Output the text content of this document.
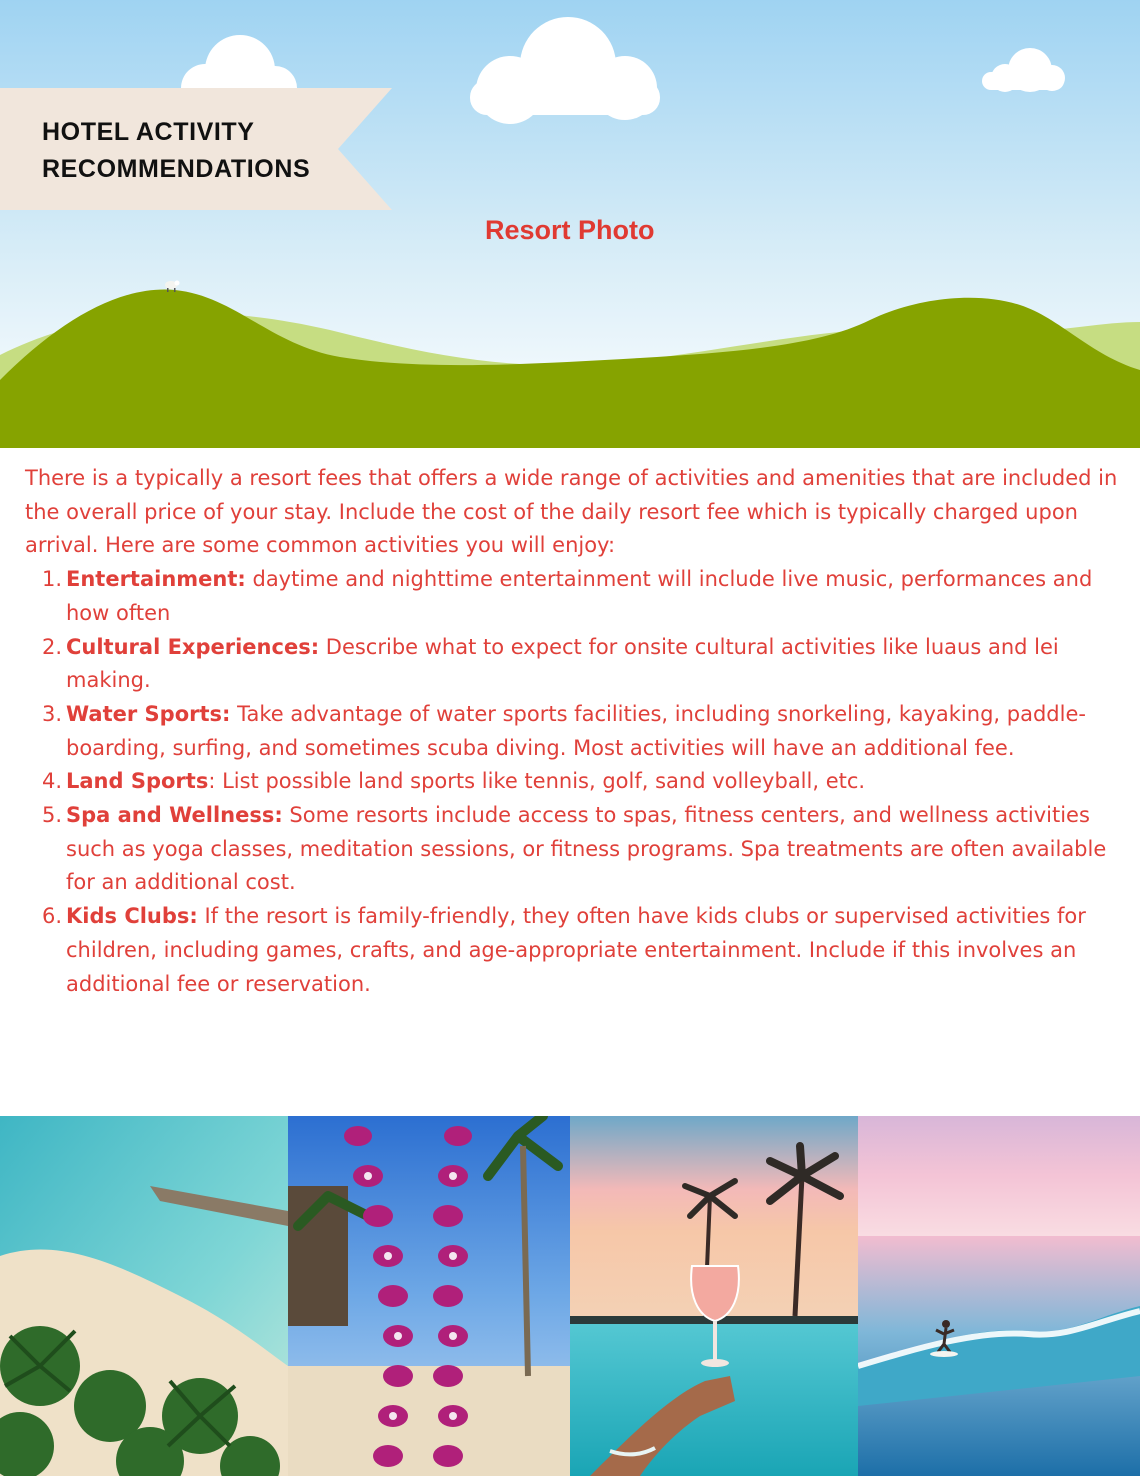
HOTEL ACTIVITY
RECOMMENDATIONS
Resort Photo

There is a typically a resort fees that offers a wide range of activities and amenities that are included in the overall price of your stay. Include the cost of the daily resort fee which is typically charged upon arrival. Here are some common activities you will enjoy:

1. Entertainment: daytime and nighttime entertainment will include live music, performances and how often
2. Cultural Experiences: Describe what to expect for onsite cultural activities like luaus and lei making.
3. Water Sports: Take advantage of water sports facilities, including snorkeling, kayaking, paddle-boarding, surfing, and sometimes scuba diving. Most activities will have an additional fee.
4. Land Sports: List possible land sports like tennis, golf, sand volleyball, etc.
5. Spa and Wellness: Some resorts include access to spas, fitness centers, and wellness activities such as yoga classes, meditation sessions, or fitness programs. Spa treatments are often available for an additional cost.
6. Kids Clubs: If the resort is family-friendly, they often have kids clubs or supervised activities for children, including games, crafts, and age-appropriate entertainment. Include if this involves an additional fee or reservation.
